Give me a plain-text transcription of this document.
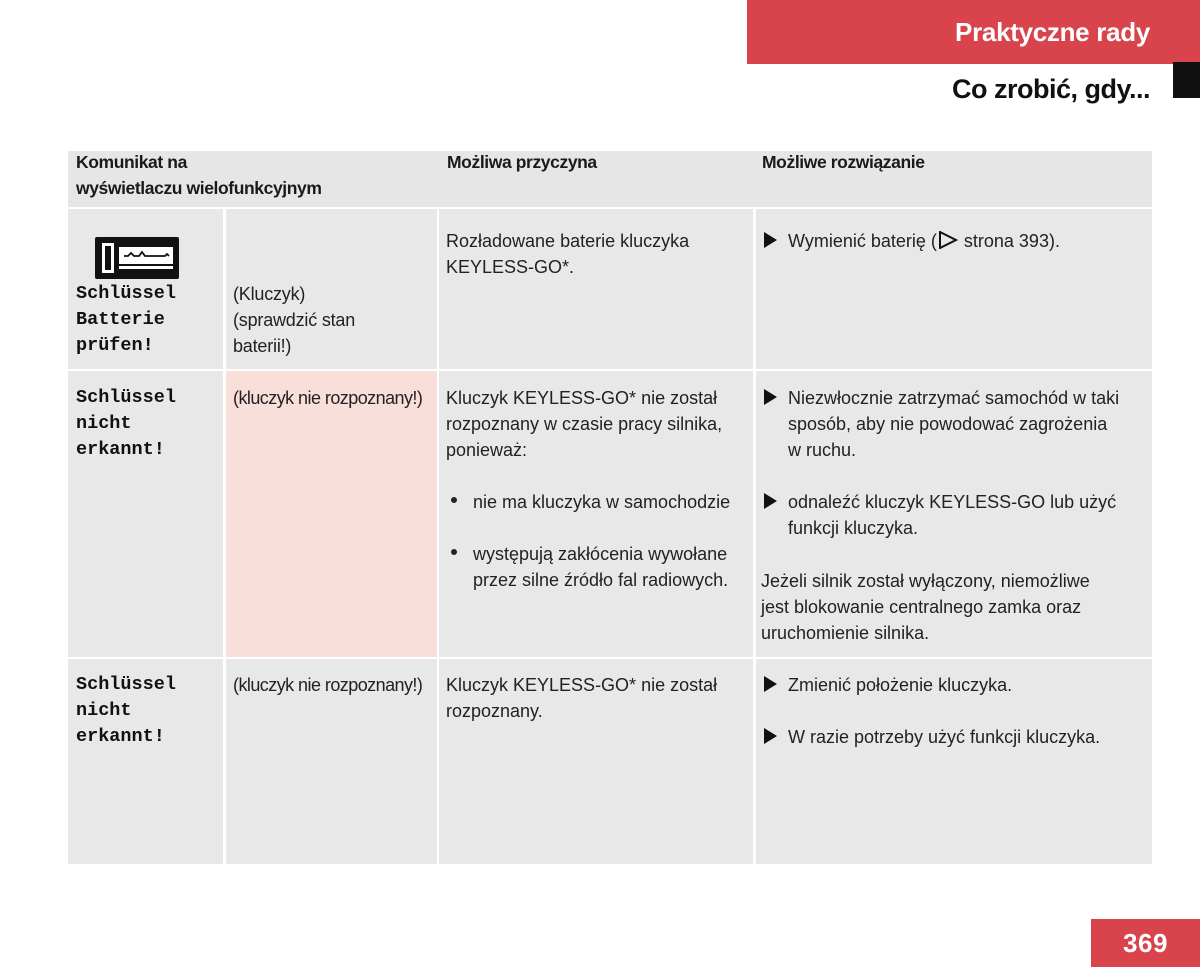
Praktyczne rady
Co zrobić, gdy...
Komunikat na
wyświetlaczu wielofunkcyjnym
Możliwa przyczyna	Możliwe rozwiązanie
Schlüssel
Batterie
prüfen!
(Kluczyk)
(sprawdzić stan
baterii!)
Rozładowane baterie kluczyka
KEYLESS-GO*.
Wymienić baterię ( strona 393).
Schlüssel
nicht
erkannt!
(kluczyk nie rozpoznany!) Kluczyk KEYLESS-GO* nie został
rozpoznany w czasie pracy silnika,
ponieważ:
nie ma kluczyka w samochodzie
występują zakłócenia wywołane
przez silne źródło fal radiowych.
Niezwłocznie zatrzymać samochód w taki
sposób, aby nie powodować zagrożenia
w ruchu.
odnaleźć kluczyk KEYLESS-GO lub użyć
funkcji kluczyka.
Jeżeli silnik został wyłączony, niemożliwe
jest blokowanie centralnego zamka oraz
uruchomienie silnika.
Schlüssel
nicht
erkannt!
(kluczyk nie rozpoznany!) Kluczyk KEYLESS-GO* nie został
rozpoznany.
Zmienić położenie kluczyka.
W razie potrzeby użyć funkcji kluczyka.
369
